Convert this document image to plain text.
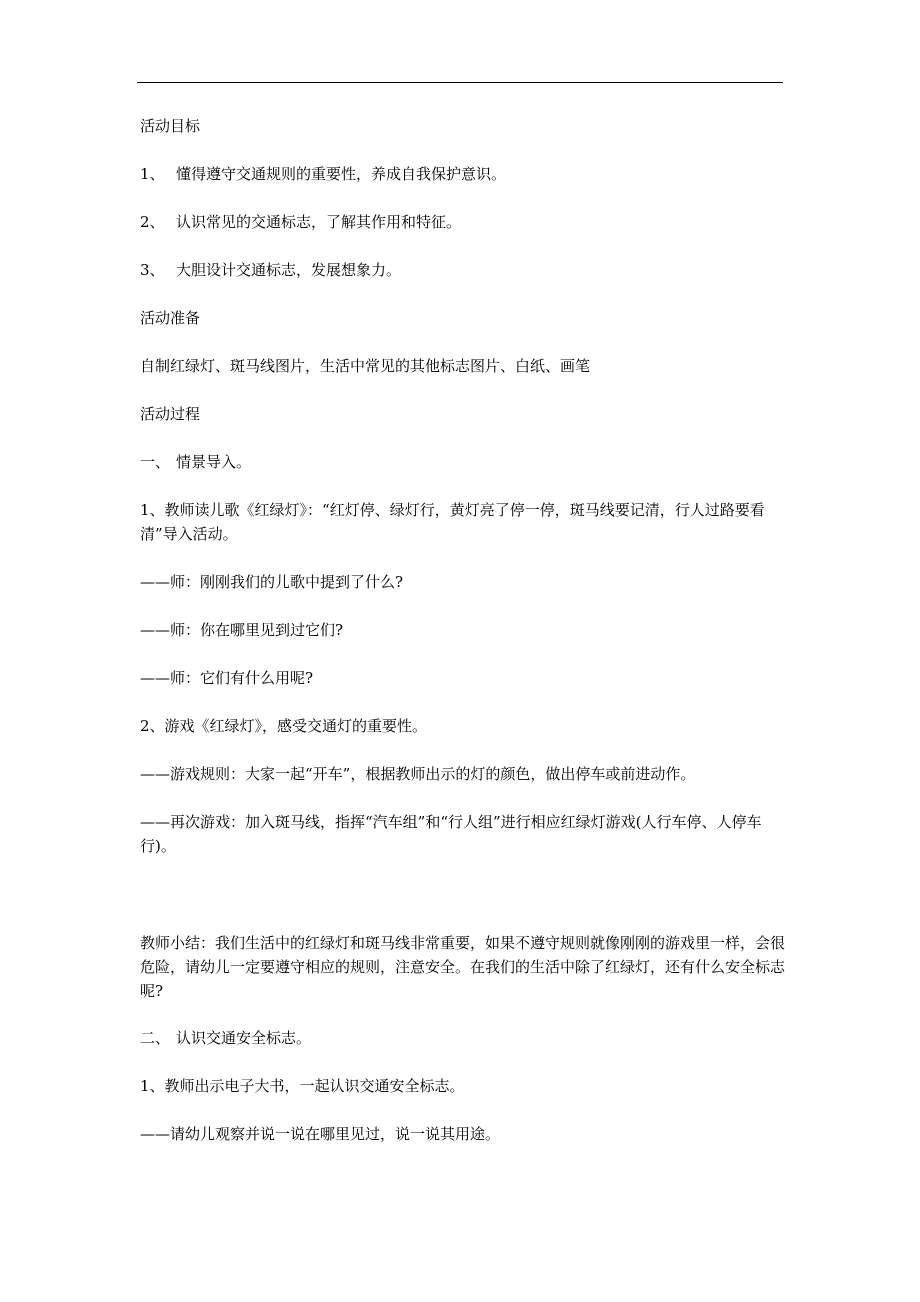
活动目标
1、 懂得遵守交通规则的重要性，养成自我保护意识。
2、 认识常见的交通标志，了解其作用和特征。
3、 大胆设计交通标志，发展想象力。
活动准备
自制红绿灯、斑马线图片，生活中常见的其他标志图片、白纸、画笔
活动过程
一、 情景导入。
1、教师读儿歌《红绿灯》：“红灯停、绿灯行，黄灯亮了停一停，斑马线要记清，行人过路要看清”导入活动。
——师：刚刚我们的儿歌中提到了什么?
——师：你在哪里见到过它们?
——师：它们有什么用呢?
2、游戏《红绿灯》，感受交通灯的重要性。
——游戏规则：大家一起“开车”，根据教师出示的灯的颜色，做出停车或前进动作。
——再次游戏：加入斑马线，指挥“汽车组”和“行人组”进行相应红绿灯游戏(人行车停、人停车行)。
教师小结：我们生活中的红绿灯和斑马线非常重要，如果不遵守规则就像刚刚的游戏里一样，会很危险，请幼儿一定要遵守相应的规则，注意安全。在我们的生活中除了红绿灯，还有什么安全标志呢?
二、 认识交通安全标志。
1、教师出示电子大书，一起认识交通安全标志。
——请幼儿观察并说一说在哪里见过，说一说其用途。
